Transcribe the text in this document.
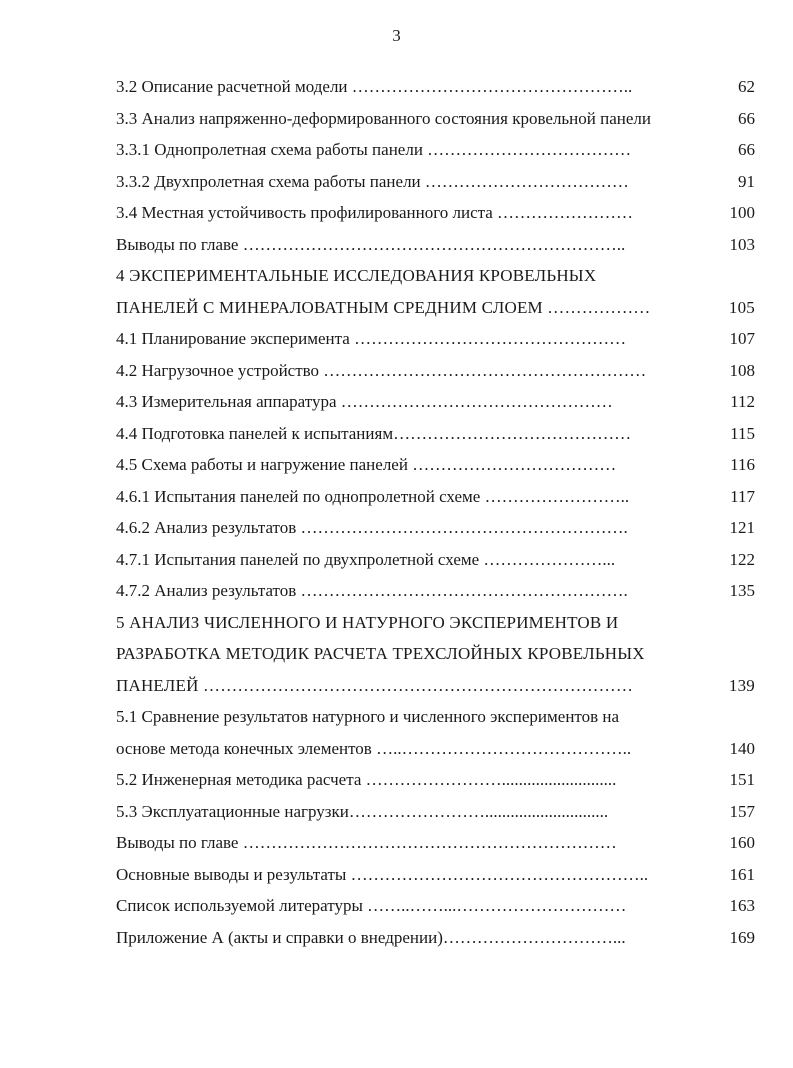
3
3.2 Описание расчетной модели …………………………………………..	62
3.3 Анализ напряженно-деформированного состояния кровельной панели	66
3.3.1 Однопролетная схема работы панели ………………………………	66
3.3.2 Двухпролетная схема работы панели ………………………………	91
3.4 Местная устойчивость профилированного листа ……………………	100
Выводы по главе …………………………………………………………..	103
4 ЭКСПЕРИМЕНТАЛЬНЫЕ ИССЛЕДОВАНИЯ КРОВЕЛЬНЫХ
ПАНЕЛЕЙ С МИНЕРАЛОВАТНЫМ СРЕДНИМ СЛОЕМ ………………	105
4.1 Планирование эксперимента …………………………………………	107
4.2 Нагрузочное устройство …………………………………………………	108
4.3 Измерительная аппаратура …………………………………………	112
4.4 Подготовка панелей к испытаниям……………………………………	115
4.5 Схема работы и нагружение панелей ………………………………	116
4.6.1 Испытания панелей по однопролетной схеме ……………………..	117
4.6.2 Анализ результатов ………………………………………………….	121
4.7.1 Испытания панелей по двухпролетной схеме …………………...	122
4.7.2 Анализ результатов ………………………………………………….	135
5 АНАЛИЗ ЧИСЛЕННОГО И НАТУРНОГО ЭКСПЕРИМЕНТОВ И
РАЗРАБОТКА МЕТОДИК РАСЧЕТА ТРЕХСЛОЙНЫХ КРОВЕЛЬНЫХ
ПАНЕЛЕЙ …………………………………………………………………	139
5.1 Сравнение результатов натурного и численного экспериментов на
основе метода конечных элементов …..…………………………………..	140
5.2 Инженерная методика расчета ……………………...........................	151
5.3 Эксплуатационные нагрузки…………………….............................	157
Выводы по главе …………………………………………………………	160
Основные выводы и результаты ……………………………………………..	161
Список используемой литературы ……..……...…………………………	163
Приложение А (акты и справки о внедрении)…………………………...	169
